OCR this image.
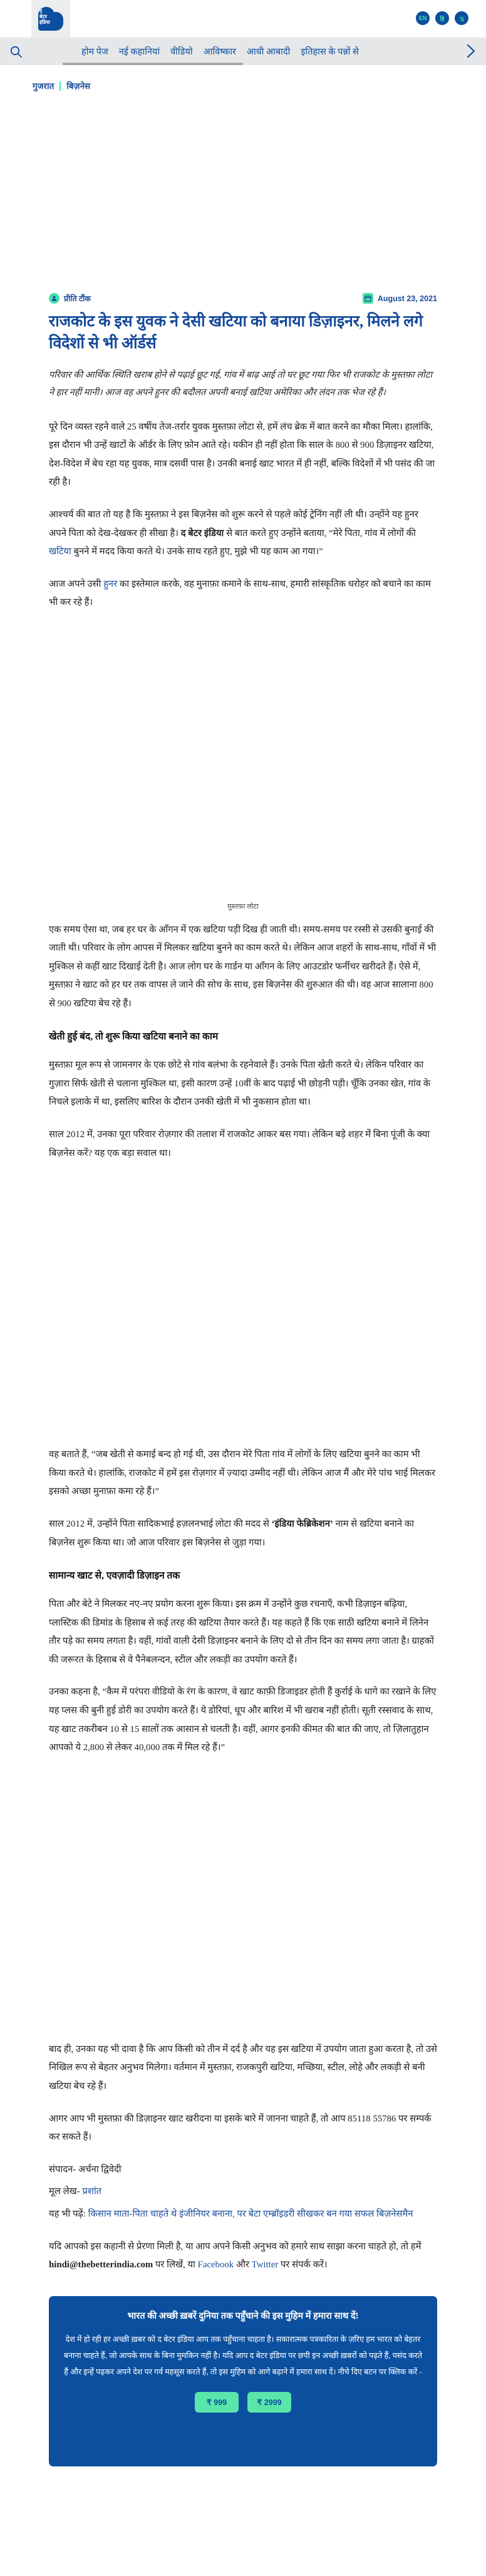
द
बेटर
इंडिया
EN	हि	ગુ
होम पेज नई कहानियां वीडियो आविष्कार आधी आबादी इतिहास के पन्नों से
गुजरात बिज़नेस
प्रीति टौंक	August 23, 2021
राजकोट के इस युवक ने देसी खटिया को बनाया डिज़ाइनर, मिलने लगे विदेशों से भी ऑर्डर्स

परिवार की आर्थिक स्थिति खराब होने से पढ़ाई छूट गई, गांव में बाढ़ आई तो घर छूट गया फिर भी राजकोट के मुस्तफ़ा लोटा ने हार नहीं मानी। आज वह अपने हुनर की बदौलत अपनी बनाई खटिया अमेरिका और लंदन तक भेज रहे हैं।

पूरे दिन व्यस्त रहने वाले 25 वर्षीय तेज-तर्रार युवक मुस्तफ़ा लोटा से, हमें लंच ब्रेक में बात करने का मौका मिला। हालांकि, इस दौरान भी उन्हें खाटों के ऑर्डर के लिए फ़ोन आते रहे। यकीन ही नहीं होता कि साल के 800 से 900 डिज़ाइनर खटिया, देश-विदेश में बेच रहा यह युवक, मात्र दसवीं पास है। उनकी बनाई खाट भारत में ही नहीं, बल्कि विदेशों में भी पसंद की जा रही है।

आश्चर्य की बात तो यह है कि मुस्तफ़ा ने इस बिज़नेस को शुरू करने से पहले कोई ट्रेनिंग नहीं ली थी। उन्होंने यह हुनर अपने पिता को देख-देखकर ही सीखा है। द बेटर इंडिया से बात करते हुए उन्होंने बताया, “मेरे पिता, गांव में लोगों की खटिया बुनने में मदद किया करते थे। उनके साथ रहते हुए, मुझे भी यह काम आ गया।”

आज अपने उसी हुनर का इस्तेमाल करके, वह मुनाफ़ा कमाने के साथ-साथ, हमारी सांस्कृतिक धरोहर को बचाने का काम भी कर रहे हैं।

मुस्तफ़ा लोटा

एक समय ऐसा था, जब हर घर के आँगन में एक खटिया पड़ी दिख ही जाती थी। समय-समय पर रस्सी से उसकी बुनाई की जाती थी। परिवार के लोग आपस में मिलकर खटिया बुनने का काम करते थे। लेकिन आज शहरों के साथ-साथ, गाँवों में भी मुश्किल से कहीं खाट दिखाई देती है। आज लोग घर के गार्डन या आँगन के लिए आउटडोर फर्नीचर खरीदते हैं। ऐसे में, मुस्तफ़ा ने खाट को हर घर तक वापस ले जाने की सोच के साथ, इस बिज़नेस की शुरुआत की थी। वह आज सालाना 800 से 900 खटिया बेच रहे हैं।

खेती हुई बंद, तो शुरू किया खटिया बनाने का काम

मुस्तफ़ा मूल रूप से जामनगर के एक छोटे से गांव बलंभा के रहनेवाले हैं। उनके पिता खेती करते थे। लेकिन परिवार का गुज़ारा सिर्फ खेती से चलाना मुश्किल था, इसी कारण उन्हें 10वीं के बाद पढ़ाई भी छोड़नी पड़ी। चूँकि उनका खेत, गांव के निचले इलाके में था, इसलिए बारिश के दौरान उनकी खेती में भी नुकसान होता था।

साल 2012 में, उनका पूरा परिवार रोज़गार की तलाश में राजकोट आकर बस गया। लेकिन बड़े शहर में बिना पूंजी के क्या बिज़नेस करें? यह एक बड़ा सवाल था।

वह बताते हैं, “जब खेती से कमाई बन्द हो गई थी, उस दौरान मेरे पिता गांव में लोगों के लिए खटिया बुनने का काम भी किया करते थे। हालांकि, राजकोट में हमें इस रोज़गार में ज़्यादा उम्मीद नहीं थी। लेकिन आज मैं और मेरे पांच भाई मिलकर इसको अच्छा मुनाफ़ा कमा रहे हैं।”

साल 2012 में, उन्होंने पिता सादिकभाई हज़लनभाई लोटा की मदद से ‘इंडिया फेब्रिकेशन’ नाम से खटिया बनाने का बिज़नेस शुरू किया था। जो आज परिवार इस बिज़नेस से जुड़ा गया।

सामान्य खाट से, एवज़ादी डिज़ाइन तक

पिता और बेटे ने मिलकर नए-नए प्रयोग करना शुरू किया। इस क्रम में उन्होंने कुछ रचनाएँ, कभी डिज़ाइन बढ़िया, प्लास्टिक की डिमांड के हिसाब से कई तरह की खटिया तैयार करते हैं। यह कहते हैं कि एक साठी खटिया बनाने में लिनेन तौर पड़े का समय लगता है। वहीं, गांवों वाली देसी डिज़ाइनर बनाने के लिए दो से तीन दिन का समय लगा जाता है। ग्राहकों की जरूरत के हिसाब से वे पैनेबलन्दन, स्टील और लकड़ी का उपयोग करते हैं।

उनका कहना है, “कैम में परंपरा वीडियो के रंग के कारण, वे खाट काफ़ी डिजाइडर होती हैं कुर्राई के धागे का रखाने के लिए यह प्लस की बुनी हुई डोरी का उपयोग करते हैं। ये डोरियां, धूप और बारिश में भी खराब नहीं होती। सूती रस्सवाद के साथ, यह खाट तकरीबन 10 से 15 सालों तक आसान से चलती है। वहीं, आगर इनकी कीमत की बात की जाए, तो ज़िलातुहान आपको ये 2,800 से लेकर 40,000 तक में मिल रहे हैं।”

बाद ही, उनका यह भी दावा है कि आप किसी को तीन में दर्द है और यह इस खटिया में उपयोग जाता हुआ करता है, तो उसे निखिल रूप से बेहतर अनुभव मिलेगा। वर्तमान में मुस्तफ़ा, राजकपुरी खटिया, मच्छिया, स्टील, लोहे और लकड़ी से बनी खटिया बेच रहे हैं।

आगर आप भी मुस्तफ़ा की डिज़ाइनर खाट खरीदना या इसके बारे में जानना चाहते हैं, तो आप 85118 55786 पर सम्पर्क कर सकते हैं।

संपादन- अर्चना द्विवेदी

मूल लेख- प्रशांत

यह भी पढ़ें: किसान माता-पिता चाहते थे इंजीनियर बनाना, पर बेटा एम्ब्रॉइडरी सीखकर बन गया सफल बिज़नेसमैन

यदि आपको इस कहानी से प्रेरणा मिली है, या आप अपने किसी अनुभव को हमारे साथ साझा करना चाहते हो, तो हमें hindi@thebetterindia.com पर लिखें, या Facebook और Twitter पर संपर्क करें।

भारत की अच्छी ख़बरें दुनिया तक पहुँचाने की इस मुहिम में हमारा साथ दें!

देश में हो रही हर अच्छी ख़बर को द बेटर इंडिया आप तक पहुँचाना चाहता है। सकारात्मक पत्रकारिता के ज़रिए हम भारत को बेहतर बनाना चाहते हैं, जो आपके साथ के बिना मुमकिन नहीं है। यदि आप द बेटर इंडिया पर छपी इन अच्छी ख़बरों को पढ़ते हैं, पसंद करते हैं और इन्हें पढ़कर अपने देश पर गर्व महसूस करते हैं, तो इस मुहिम को आगे बढ़ाने में हमारा साथ दें। नीचे दिए बटन पर क्लिक करें -

₹ 999	₹ 2999
